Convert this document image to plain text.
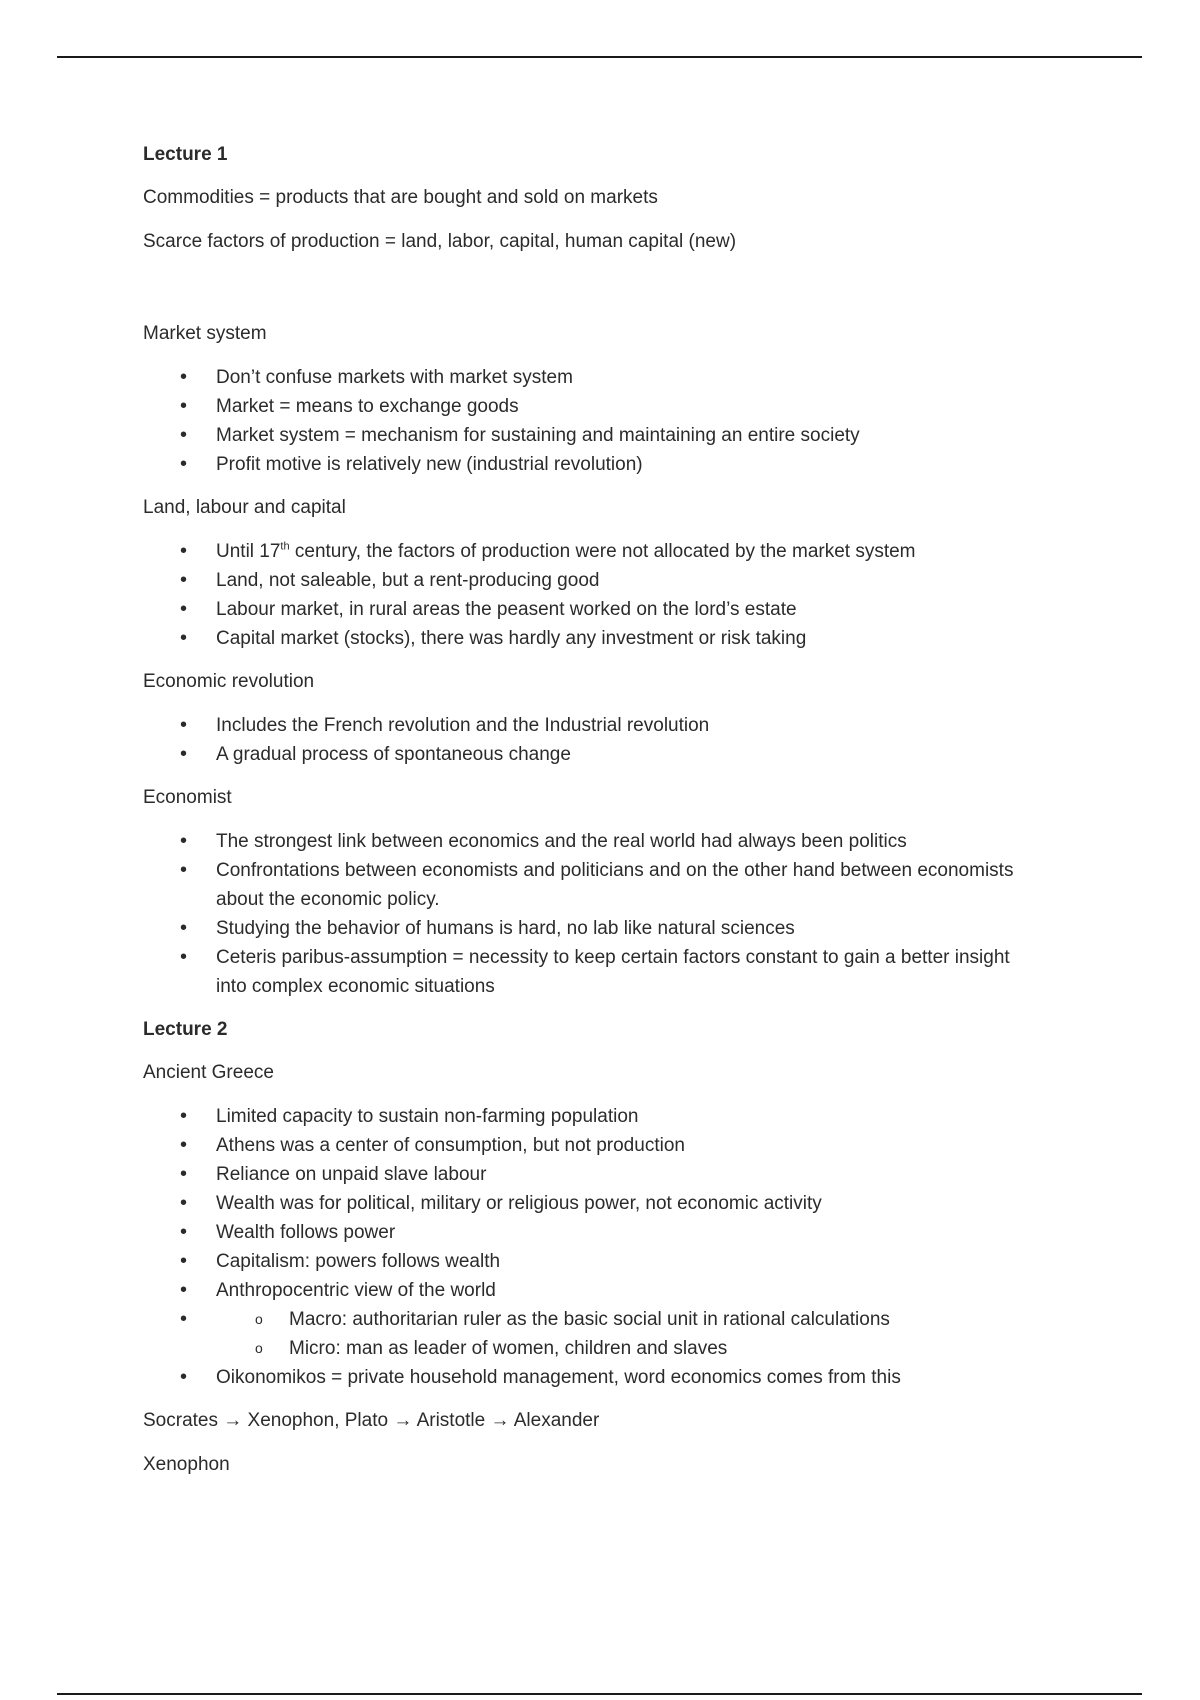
Lecture 1
Commodities = products that are bought and sold on markets
Scarce factors of production = land, labor, capital, human capital (new)
Market system
• Don’t confuse markets with market system
• Market = means to exchange goods
• Market system = mechanism for sustaining and maintaining an entire society
• Profit motive is relatively new (industrial revolution)
Land, labour and capital
• Until 17th century, the factors of production were not allocated by the market system
• Land, not saleable, but a rent-producing good
• Labour market, in rural areas the peasent worked on the lord’s estate
• Capital market (stocks), there was hardly any investment or risk taking
Economic revolution
• Includes the French revolution and the Industrial revolution
• A gradual process of spontaneous change
Economist
• The strongest link between economics and the real world had always been politics
• Confrontations between economists and politicians and on the other hand between economists about the economic policy.
• Studying the behavior of humans is hard, no lab like natural sciences
• Ceteris paribus-assumption = necessity to keep certain factors constant to gain a better insight into complex economic situations
Lecture 2
Ancient Greece
• Limited capacity to sustain non-farming population
• Athens was a center of consumption, but not production
• Reliance on unpaid slave labour
• Wealth was for political, military or religious power, not economic activity
• Wealth follows power
• Capitalism: powers follows wealth
• Anthropocentric view of the world
o • Macro: authoritarian ruler as the basic social unit in rational calculations
o Micro: man as leader of women, children and slaves
• Oikonomikos = private household management, word economics comes from this
Socrates → Xenophon, Plato → Aristotle → Alexander
Xenophon
